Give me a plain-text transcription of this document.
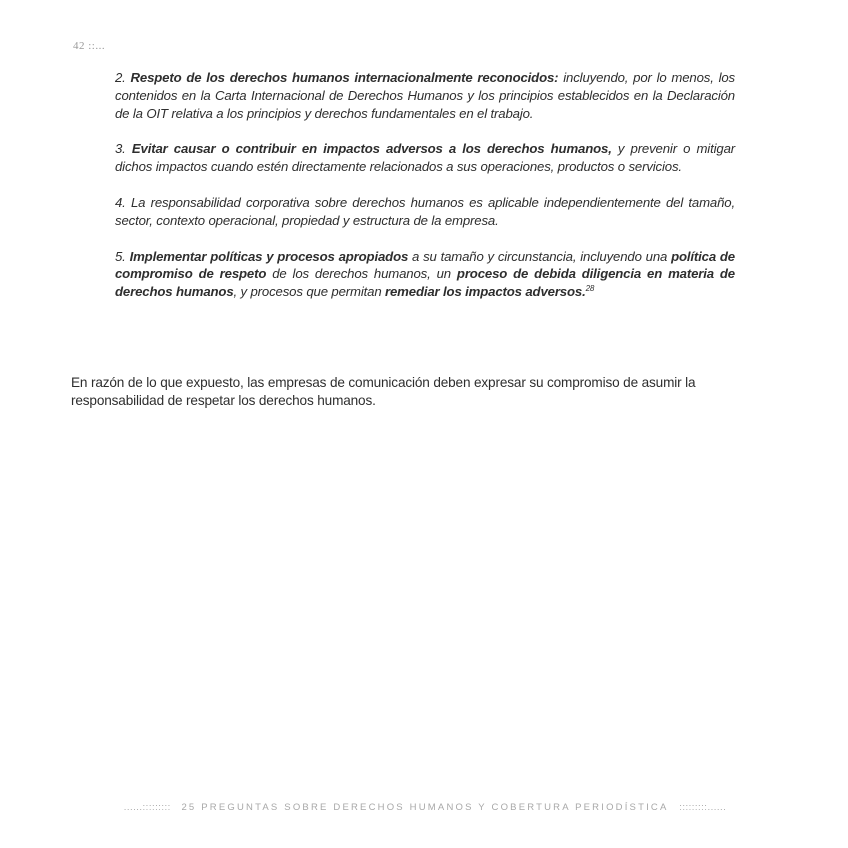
42 ::...

2. Respeto de los derechos humanos internacionalmente reconocidos: incluyendo, por lo menos, los contenidos en la Carta Internacional de Derechos Humanos y los principios establecidos en la Declaración de la OIT relativa a los principios y derechos fundamentales en el trabajo.

3. Evitar causar o contribuir en impactos adversos a los derechos humanos, y prevenir o mitigar dichos impactos cuando estén directamente relacionados a sus operaciones, productos o servicios.

4. La responsabilidad corporativa sobre derechos humanos es aplicable independientemente del tamaño, sector, contexto operacional, propiedad y estructura de la empresa.

5. Implementar políticas y procesos apropiados a su tamaño y circunstancia, incluyendo una política de compromiso de respeto de los derechos humanos, un proceso de debida diligencia en materia de derechos humanos, y procesos que permitan remediar los impactos adversos.$^{28}$

En razón de lo que expuesto, las empresas de comunicación deben expresar su compromiso de asumir la responsabilidad de respetar los derechos humanos.

......::::::::: 25 PREGUNTAS SOBRE DERECHOS HUMANOS Y COBERTURA PERIODÍSTICA :::::::::......
